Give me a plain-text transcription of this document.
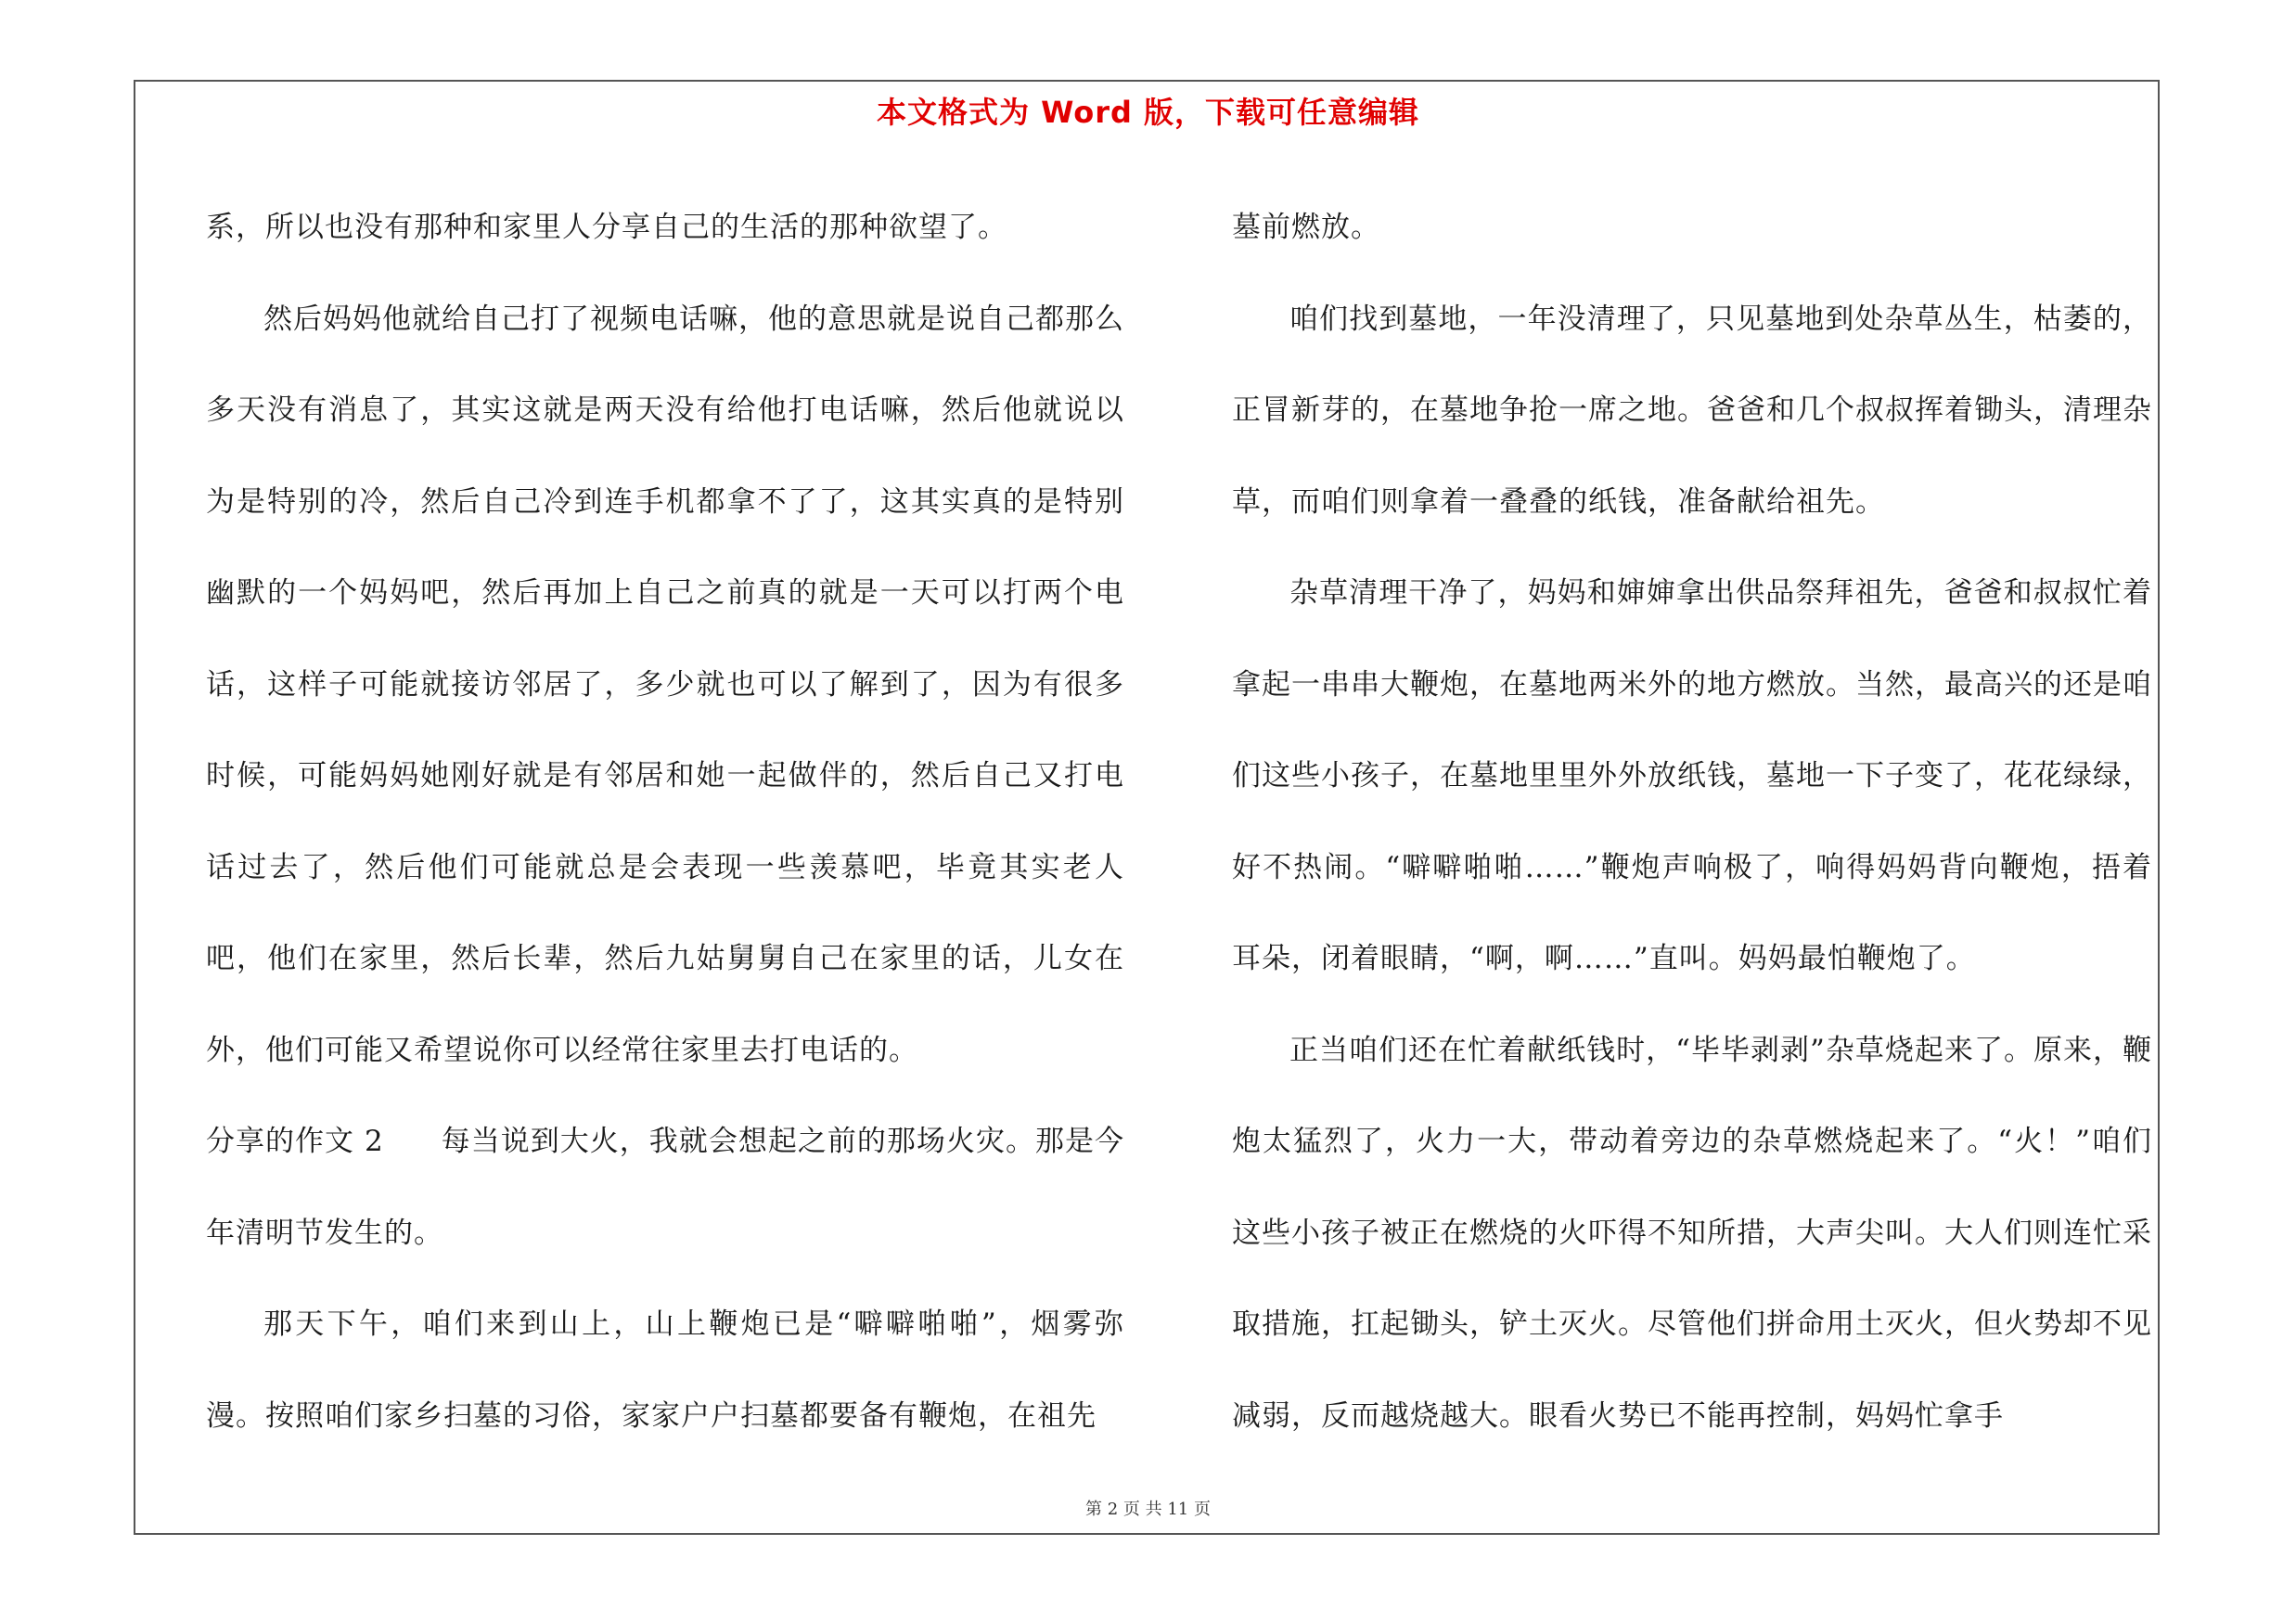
本文格式为 Word 版，下载可任意编辑

系，所以也没有那种和家里人分享自己的生活的那种欲望了。

然后妈妈他就给自己打了视频电话嘛，他的意思就是说自己都那么多天没有消息了，其实这就是两天没有给他打电话嘛，然后他就说以为是特别的冷，然后自己冷到连手机都拿不了了，这其实真的是特别幽默的一个妈妈吧，然后再加上自己之前真的就是一天可以打两个电话，这样子可能就接访邻居了，多少就也可以了解到了，因为有很多时候，可能妈妈她刚好就是有邻居和她一起做伴的，然后自己又打电话过去了，然后他们可能就总是会表现一些羡慕吧，毕竟其实老人吧，他们在家里，然后长辈，然后九姑舅舅自己在家里的话，儿女在外，他们可能又希望说你可以经常往家里去打电话的。

分享的作文 2 每当说到大火，我就会想起之前的那场火灾。那是今年清明节发生的。

那天下午，咱们来到山上，山上鞭炮已是“噼噼啪啪”，烟雾弥漫。按照咱们家乡扫墓的习俗，家家户户扫墓都要备有鞭炮，在祖先

墓前燃放。

咱们找到墓地，一年没清理了，只见墓地到处杂草丛生，枯萎的，正冒新芽的，在墓地争抢一席之地。爸爸和几个叔叔挥着锄头，清理杂草，而咱们则拿着一叠叠的纸钱，准备献给祖先。

杂草清理干净了，妈妈和婶婶拿出供品祭拜祖先，爸爸和叔叔忙着拿起一串串大鞭炮，在墓地两米外的地方燃放。当然，最高兴的还是咱们这些小孩子，在墓地里里外外放纸钱，墓地一下子变了，花花绿绿，好不热闹。“噼噼啪啪……”鞭炮声响极了，响得妈妈背向鞭炮，捂着耳朵，闭着眼睛，“啊，啊……”直叫。妈妈最怕鞭炮了。

正当咱们还在忙着献纸钱时，“毕毕剥剥”杂草烧起来了。原来，鞭炮太猛烈了，火力一大，带动着旁边的杂草燃烧起来了。“火！”咱们这些小孩子被正在燃烧的火吓得不知所措，大声尖叫。大人们则连忙采取措施，扛起锄头，铲土灭火。尽管他们拼命用土灭火，但火势却不见减弱，反而越烧越大。眼看火势已不能再控制，妈妈忙拿手

第 2 页 共 11 页
